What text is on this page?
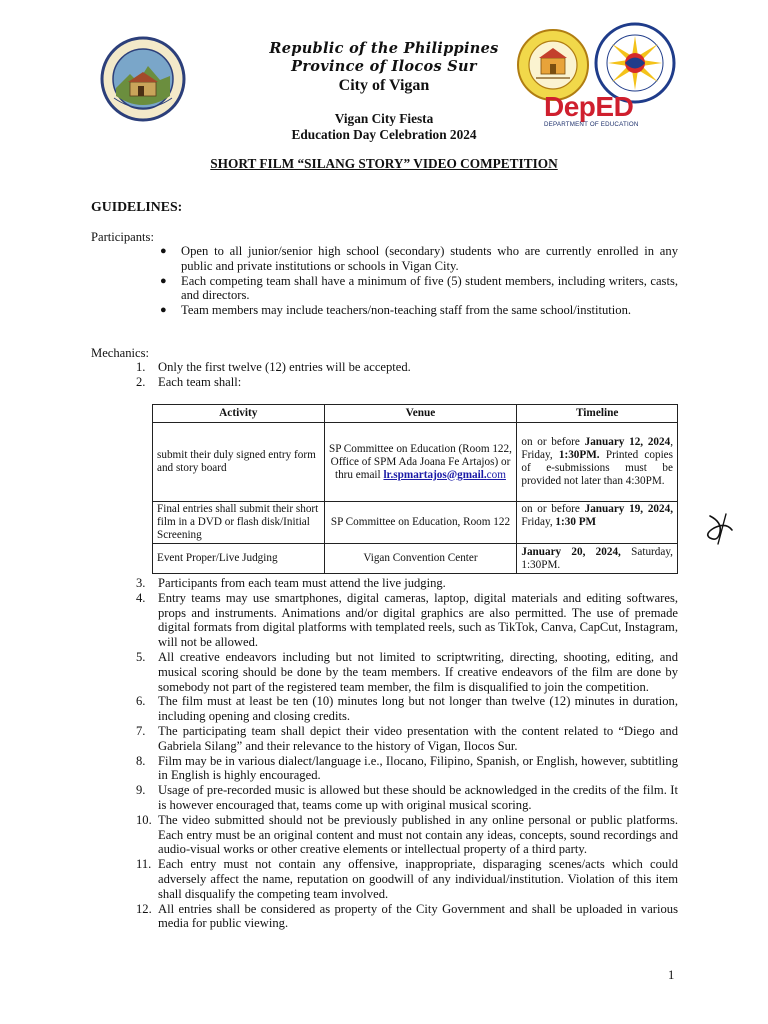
DepED
DEPARTMENT OF EDUCATION
Republic of the Philippines
Province of Ilocos Sur
City of Vigan
Vigan City Fiesta
Education Day Celebration 2024
SHORT FILM “SILANG STORY” VIDEO COMPETITION
GUIDELINES:
Participants:
● Open to all junior/senior high school (secondary) students who are currently enrolled in any public and private institutions or schools in Vigan City.
● Each competing team shall have a minimum of five (5) student members, including writers, casts, and directors.
● Team members may include teachers/non-teaching staff from the same school/institution.
Mechanics:
1. Only the first twelve (12) entries will be accepted.
2. Each team shall:
Activity	Venue	Timeline
submit their duly signed entry form and story board	SP Committee on Education (Room 122, Office of SPM Ada Joana Fe Artajos) or thru email lr.spmartajos@gmail.com	on or before January 12, 2024, Friday, 1:30PM. Printed copies of e-submissions must be provided not later than 4:30PM.
Final entries shall submit their short film in a DVD or flash disk/Initial Screening	SP Committee on Education, Room 122	on or before January 19, 2024, Friday, 1:30 PM
Event Proper/Live Judging	Vigan Convention Center	January 20, 2024, Saturday, 1:30PM.
3. Participants from each team must attend the live judging.
4. Entry teams may use smartphones, digital cameras, laptop, digital materials and editing softwares, props and instruments. Animations and/or digital graphics are also permitted. The use of premade digital formats from digital platforms with templated reels, such as TikTok, Canva, CapCut, Instagram, will not be allowed.
5. All creative endeavors including but not limited to scriptwriting, directing, shooting, editing, and musical scoring should be done by the team members. If creative endeavors of the film are done by somebody not part of the registered team member, the film is disqualified to join the competition.
6. The film must at least be ten (10) minutes long but not longer than twelve (12) minutes in duration, including opening and closing credits.
7. The participating team shall depict their video presentation with the content related to “Diego and Gabriela Silang” and their relevance to the history of Vigan, Ilocos Sur.
8. Film may be in various dialect/language i.e., Ilocano, Filipino, Spanish, or English, however, subtitling in English is highly encouraged.
9. Usage of pre-recorded music is allowed but these should be acknowledged in the credits of the film. It is however encouraged that, teams come up with original musical scoring.
10. The video submitted should not be previously published in any online personal or public platforms. Each entry must be an original content and must not contain any ideas, concepts, sound recordings and audio-visual works or other creative elements or intellectual property of a third party.
11. Each entry must not contain any offensive, inappropriate, disparaging scenes/acts which could adversely affect the name, reputation on goodwill of any individual/institution. Violation of this item shall disqualify the competing team involved.
12. All entries shall be considered as property of the City Government and shall be uploaded in various media for public viewing.
1
